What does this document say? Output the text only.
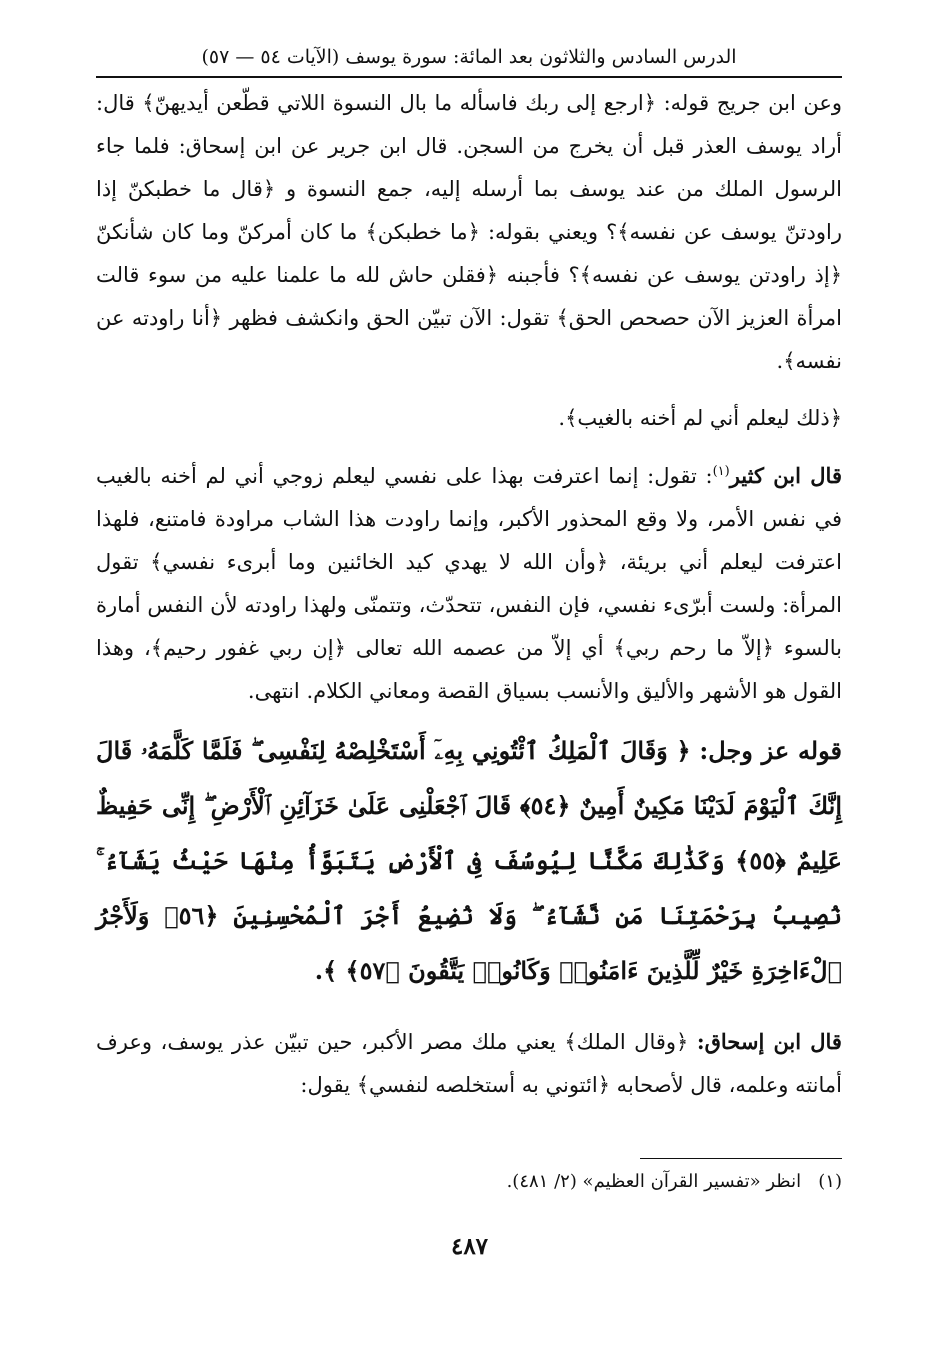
الدرس السادس والثلاثون بعد المائة: سورة يوسف (الآيات ٥٤ — ٥٧)

وعن ابن جريج قوله: ﴿ارجع إلى ربك فاسأله ما بال النسوة اللاتي قطّعن أيديهنّ﴾ قال: أراد يوسف العذر قبل أن يخرج من السجن. قال ابن جرير عن ابن إسحاق: فلما جاء الرسول الملك من عند يوسف بما أرسله إليه، جمع النسوة و ﴿قال ما خطبكنّ إذا راودتنّ يوسف عن نفسه﴾؟ ويعني بقوله: ﴿ما خطبكن﴾ ما كان أمركنّ وما كان شأنكنّ ﴿إذ راودتن يوسف عن نفسه﴾؟ فأجبنه ﴿فقلن حاش لله ما علمنا عليه من سوء قالت امرأة العزيز الآن حصحص الحق﴾ تقول: الآن تبيّن الحق وانكشف فظهر ﴿أنا راودته عن نفسه﴾.

﴿ذلك ليعلم أني لم أخنه بالغيب﴾.

قال ابن كثير$^{(١)}$: تقول: إنما اعترفت بهذا على نفسي ليعلم زوجي أني لم أخنه بالغيب في نفس الأمر، ولا وقع المحذور الأكبر، وإنما راودت هذا الشاب مراودة فامتنع، فلهذا اعترفت ليعلم أني بريئة، ﴿وأن الله لا يهدي كيد الخائنين وما أبرىء نفسي﴾ تقول المرأة: ولست أبرّىء نفسي، فإن النفس، تتحدّث، وتتمنّى ولهذا راودته لأن النفس أمارة بالسوء ﴿إلاّ ما رحم ربي﴾ أي إلاّ من عصمه الله تعالى ﴿إن ربي غفور رحيم﴾، وهذا القول هو الأشهر والأليق والأنسب بسياق القصة ومعاني الكلام. انتهى.

قوله عز وجل: ﴿ وَقَالَ ٱلْمَلِكُ ٱئْتُونِي بِهِۦٓ أَسْتَخْلِصْهُ لِنَفْسِى ۖ فَلَمَّا كَلَّمَهُۥ قَالَ إِنَّكَ ٱلْيَوْمَ لَدَيْنَا مَكِينٌ أَمِينٌ ﴿٥٤﴾ قَالَ ٱجْعَلْنِى عَلَىٰ خَزَآئِنِ ٱلْأَرْضِ ۖ إِنِّى حَفِيظٌ عَلِيمٌ ﴿٥٥﴾ وَكَذَٰلِكَ مَكَّنَّا لِيُوسُفَ فِى ٱلْأَرْضِ يَتَبَوَّأُ مِنْهَا حَيْثُ يَشَآءُ ۚ نُصِيبُ بِرَحْمَتِنَا مَن نَّشَآءُ ۖ وَلَا نُضِيعُ أَجْرَ ٱلْمُحْسِنِينَ ﴿٥٦﴾ وَلَأَجْرُ ٱلْءَاخِرَةِ خَيْرٌ لِّلَّذِينَ ءَامَنُوا۟ وَكَانُوا۟ يَتَّقُونَ ﴿٥٧﴾ ﴾.

قال ابن إسحاق: ﴿وقال الملك﴾ يعني ملك مصر الأكبر، حين تبيّن عذر يوسف، وعرف أمانته وعلمه، قال لأصحابه ﴿ائتوني به أستخلصه لنفسي﴾ يقول:

(١)   انظر «تفسير القرآن العظيم» (٢/ ٤٨١).
٤٨٧
